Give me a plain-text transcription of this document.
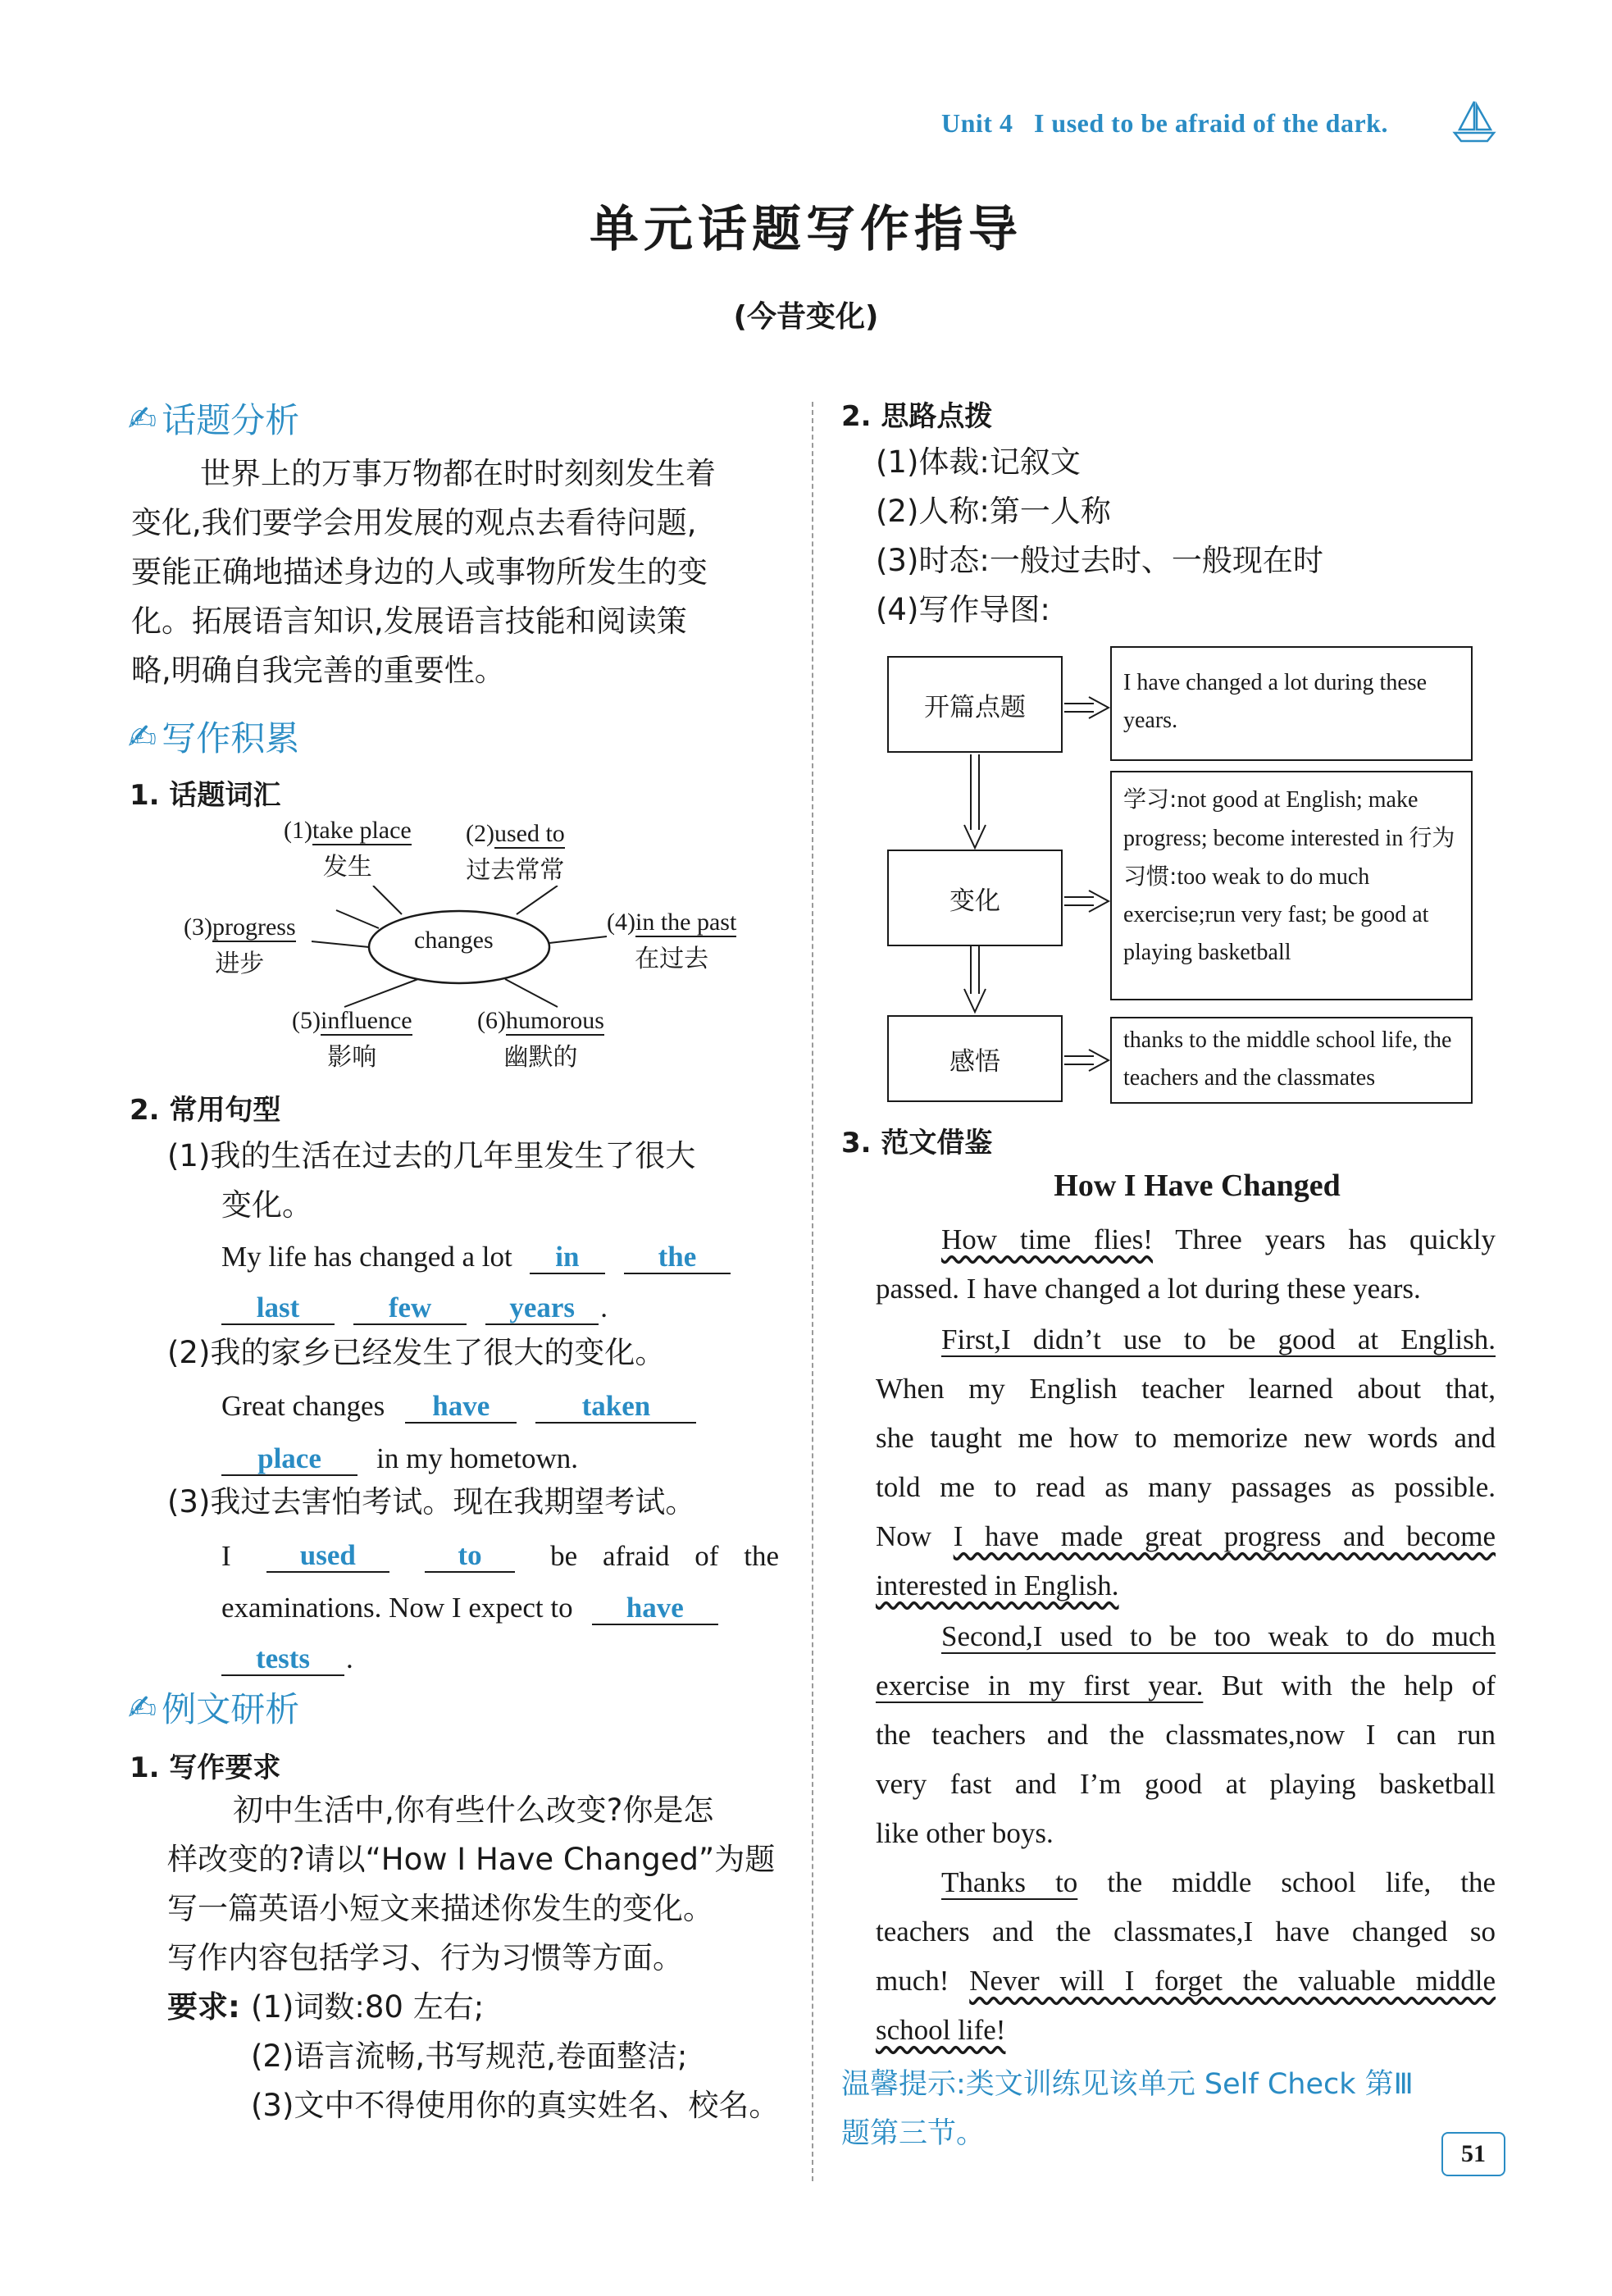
Unit 4 I used to be afraid of the dark.
单元话题写作指导
(今昔变化)
✍ 话题分析
世界上的万事万物都在时时刻刻发生着
变化,我们要学会用发展的观点去看待问题,
要能正确地描述身边的人或事物所发生的变
化。拓展语言知识,发展语言技能和阅读策
略,明确自我完善的重要性。
✍ 写作积累
1. 话题词汇
changes
(1)take place
发生
(2)used to
过去常常
(3)progress
进步
(4)in the past
在过去
(5)influence
影响
(6)humorous
幽默的
2. 常用句型
(1)我的生活在过去的几年里发生了很大
变化。
My life has changed a lot in	the
last	few	years .
(2)我的家乡已经发生了很大的变化。
Great changes have	taken
place in my hometown.
(3)我过去害怕考试。现在我期望考试。
I	used	to	be afraid of the
examinations. Now I expect to have
tests .
✍ 例文研析
1. 写作要求
初中生活中,你有些什么改变?你是怎
样改变的?请以“How I Have Changed”为题
写一篇英语小短文来描述你发生的变化。
写作内容包括学习、行为习惯等方面。
要求: (1)词数:80 左右;
(2)语言流畅,书写规范,卷面整洁;
(3)文中不得使用你的真实姓名、校名。
2. 思路点拨
(1)体裁:记叙文
(2)人称:第一人称
(3)时态:一般过去时、一般现在时
(4)写作导图:
开篇点题
变化
感悟
I have changed a lot during these years.
学习:not good at English; make progress; become interested in 行为习惯:too weak to do much exercise;run very fast; be good at playing basketball
thanks to the middle school life, the teachers and the classmates
3. 范文借鉴
How I Have Changed
How time flies! Three years has quickly
passed. I have changed a lot during these years.
First,I didn’t use to be good at English.
When my English teacher learned about that,
she taught me how to memorize new words and
told me to read as many passages as possible.
Now I have made great progress and become
interested in English.
Second,I used to be too weak to do much
exercise in my first year. But with the help of
the teachers and the classmates,now I can run
very fast and I’m good at playing basketball
like other boys.
Thanks to the middle school life, the
teachers and the classmates,I have changed so
much! Never will I forget the valuable middle
school life!
温馨提示:类文训练见该单元 Self Check 第Ⅲ
题第三节。
51
